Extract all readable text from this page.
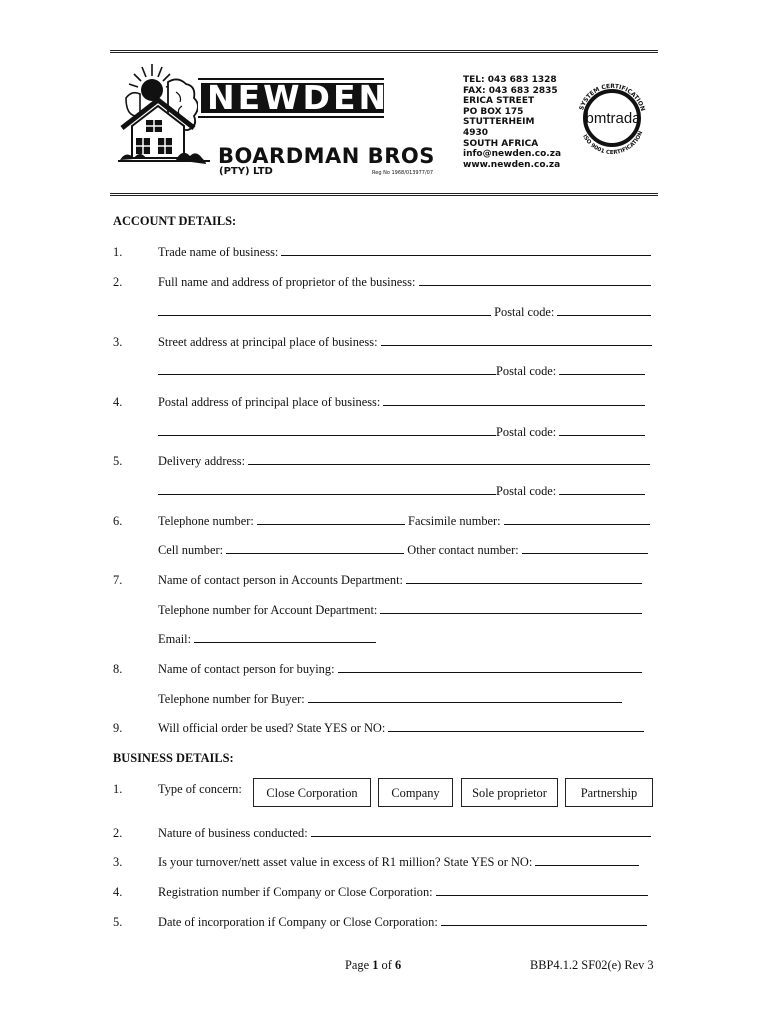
NEWDEN
BOARDMAN BROS
(PTY) LTD	Reg No 1968/013977/07
TEL: 043 683 1328
FAX: 043 683 2835
ERICA STREET
PO BOX 175
STUTTERHEIM
4930
SOUTH AFRICA
info@newden.co.za
www.newden.co.za
SYSTEM CERTIFICATION
ISO 9001 CERTIFICATION
bmtrada
ACCOUNT DETAILS:
1.	Trade name of business:
2.	Full name and address of proprietor of the business:
Postal code:
3.	Street address at principal place of business:
Postal code:
4.	Postal address of principal place of business:
Postal code:
5.	Delivery address:
Postal code:
6.	Telephone number:	Facsimile number:
Cell number:	Other contact number:
7.	Name of contact person in Accounts Department:
Telephone number for Account Department:
Email:
8.	Name of contact person for buying:
Telephone number for Buyer:
9.	Will official order be used? State YES or NO:
BUSINESS DETAILS:
1.	Type of concern:	Close Corporation	Company	Sole proprietor	Partnership
2.	Nature of business conducted:
3.	Is your turnover/nett asset value in excess of R1 million? State YES or NO:
4.	Registration number if Company or Close Corporation:
5.	Date of incorporation if Company or Close Corporation:
Page 1 of 6	BBP4.1.2 SF02(e) Rev 3
